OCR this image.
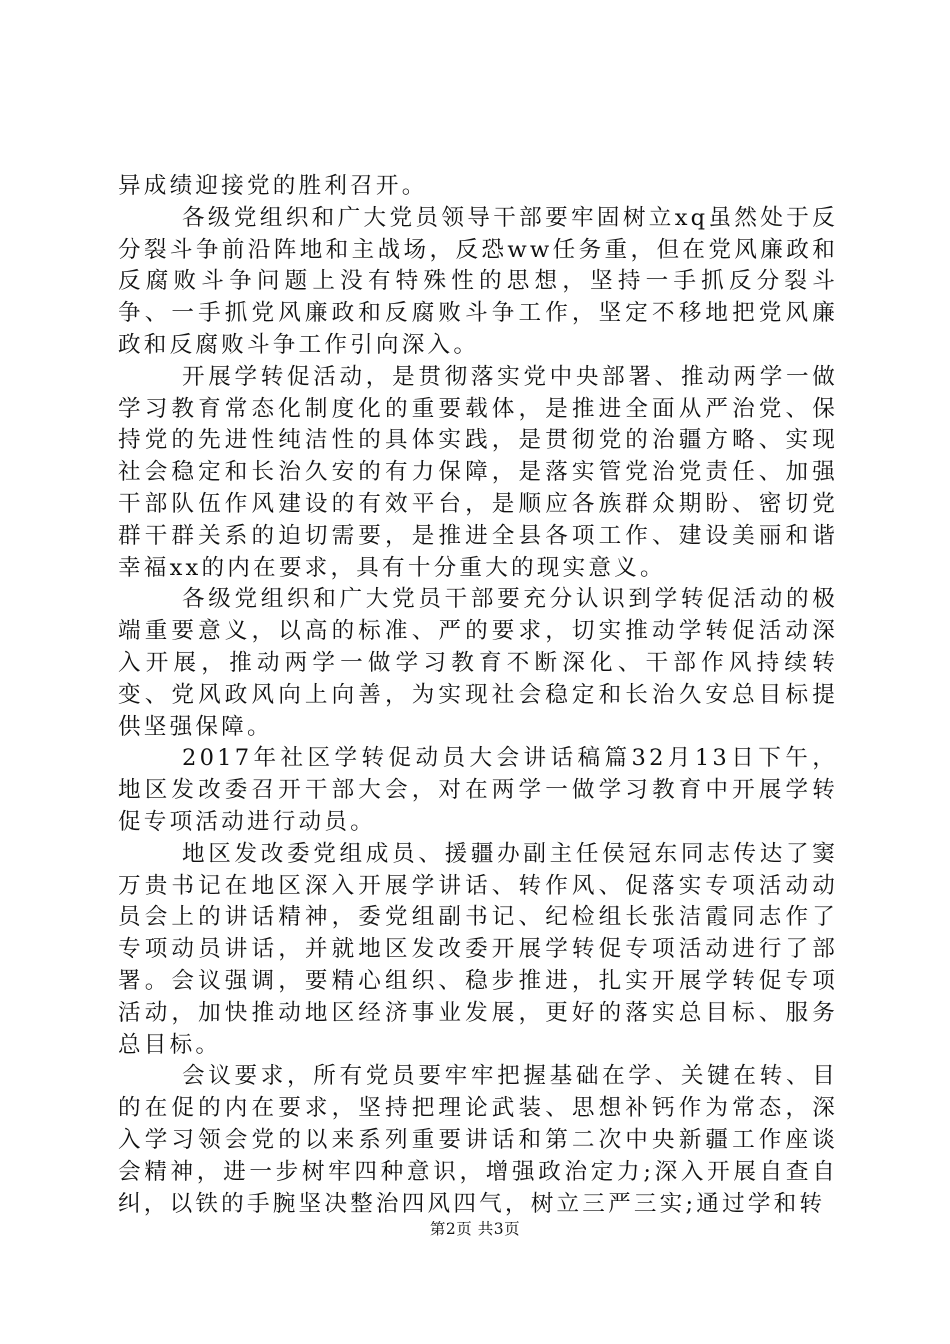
异成绩迎接党的胜利召开。

各级党组织和广大党员领导干部要牢固树立xq虽然处于反分裂斗争前沿阵地和主战场，反恐ww任务重，但在党风廉政和反腐败斗争问题上没有特殊性的思想，坚持一手抓反分裂斗争、一手抓党风廉政和反腐败斗争工作，坚定不移地把党风廉政和反腐败斗争工作引向深入。

开展学转促活动，是贯彻落实党中央部署、推动两学一做学习教育常态化制度化的重要载体，是推进全面从严治党、保持党的先进性纯洁性的具体实践，是贯彻党的治疆方略、实现社会稳定和长治久安的有力保障，是落实管党治党责任、加强干部队伍作风建设的有效平台，是顺应各族群众期盼、密切党群干群关系的迫切需要，是推进全县各项工作、建设美丽和谐幸福xx的内在要求，具有十分重大的现实意义。

各级党组织和广大党员干部要充分认识到学转促活动的极端重要意义，以高的标准、严的要求，切实推动学转促活动深入开展，推动两学一做学习教育不断深化、干部作风持续转变、党风政风向上向善，为实现社会稳定和长治久安总目标提供坚强保障。

2017年社区学转促动员大会讲话稿篇32月13日下午，地区发改委召开干部大会，对在两学一做学习教育中开展学转促专项活动进行动员。

地区发改委党组成员、援疆办副主任侯冠东同志传达了窦万贵书记在地区深入开展学讲话、转作风、促落实专项活动动员会上的讲话精神，委党组副书记、纪检组长张洁霞同志作了专项动员讲话，并就地区发改委开展学转促专项活动进行了部署。会议强调，要精心组织、稳步推进，扎实开展学转促专项活动，加快推动地区经济事业发展，更好的落实总目标、服务总目标。

会议要求，所有党员要牢牢把握基础在学、关键在转、目的在促的内在要求，坚持把理论武装、思想补钙作为常态，深入学习领会党的以来系列重要讲话和第二次中央新疆工作座谈会精神，进一步树牢四种意识，增强政治定力;深入开展自查自纠，以铁的手腕坚决整治四风四气，树立三严三实;通过学和转

第2页 共3页
